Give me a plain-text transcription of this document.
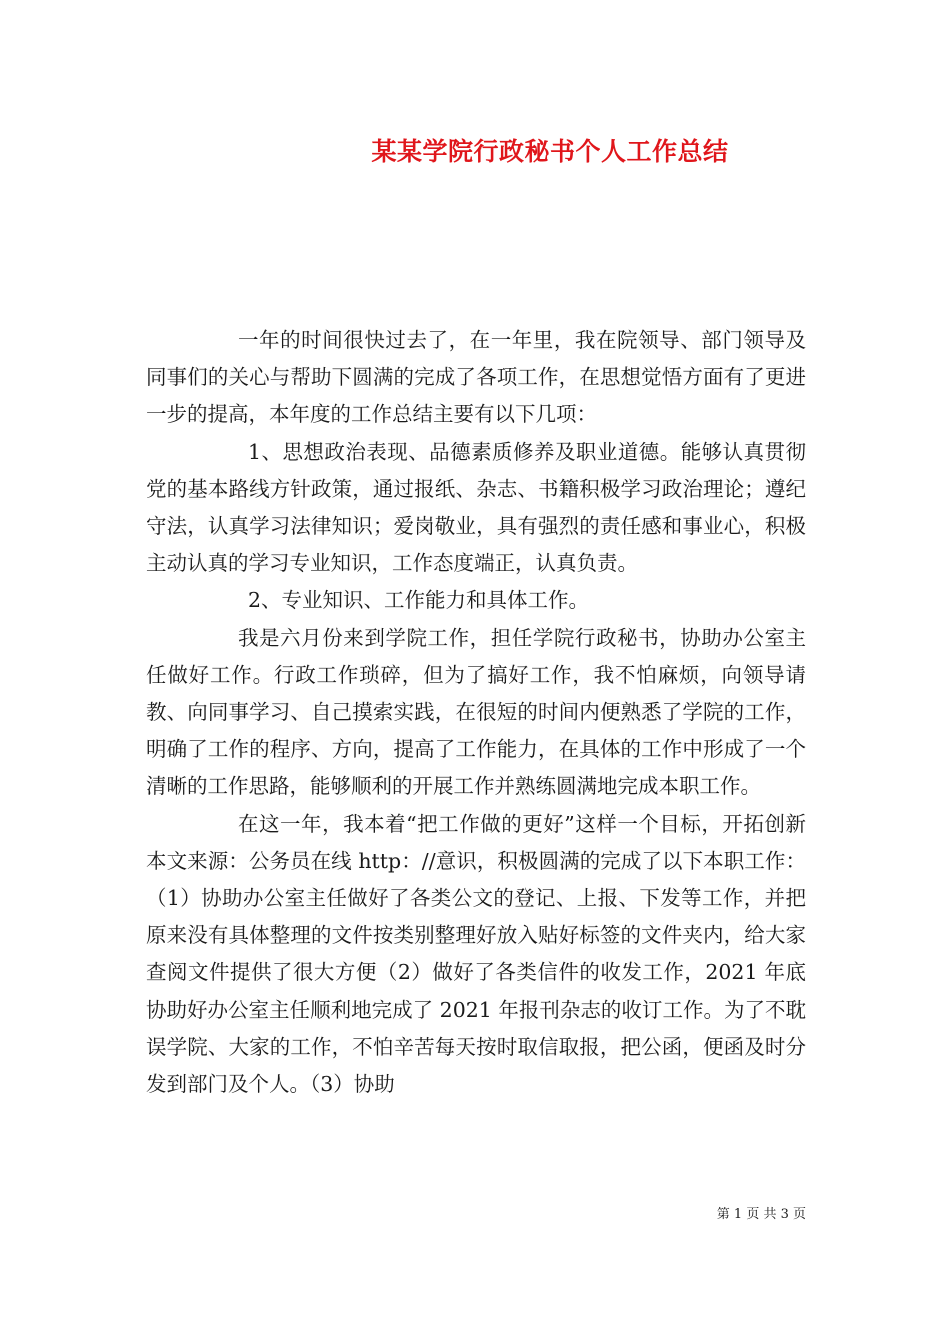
某某学院行政秘书个人工作总结

一年的时间很快过去了，在一年里，我在院领导、部门领导及同事们的关心与帮助下圆满的完成了各项工作，在思想觉悟方面有了更进一步的提高，本年度的工作总结主要有以下几项：

1、思想政治表现、品德素质修养及职业道德。能够认真贯彻党的基本路线方针政策，通过报纸、杂志、书籍积极学习政治理论；遵纪守法，认真学习法律知识；爱岗敬业，具有强烈的责任感和事业心，积极主动认真的学习专业知识，工作态度端正，认真负责。

2、专业知识、工作能力和具体工作。

我是六月份来到学院工作，担任学院行政秘书，协助办公室主任做好工作。行政工作琐碎，但为了搞好工作，我不怕麻烦，向领导请教、向同事学习、自己摸索实践，在很短的时间内便熟悉了学院的工作，明确了工作的程序、方向，提高了工作能力，在具体的工作中形成了一个清晰的工作思路，能够顺利的开展工作并熟练圆满地完成本职工作。

在这一年，我本着“把工作做的更好”这样一个目标，开拓创新本文来源：公务员在线 http：//意识，积极圆满的完成了以下本职工作：（1）协助办公室主任做好了各类公文的登记、上报、下发等工作，并把原来没有具体整理的文件按类别整理好放入贴好标签的文件夹内，给大家查阅文件提供了很大方便（2）做好了各类信件的收发工作，2021 年底协助好办公室主任顺利地完成了 2021 年报刊杂志的收订工作。为了不耽误学院、大家的工作，不怕辛苦每天按时取信取报，把公函，便函及时分发到部门及个人。（3）协助

第 1 页 共 3 页
